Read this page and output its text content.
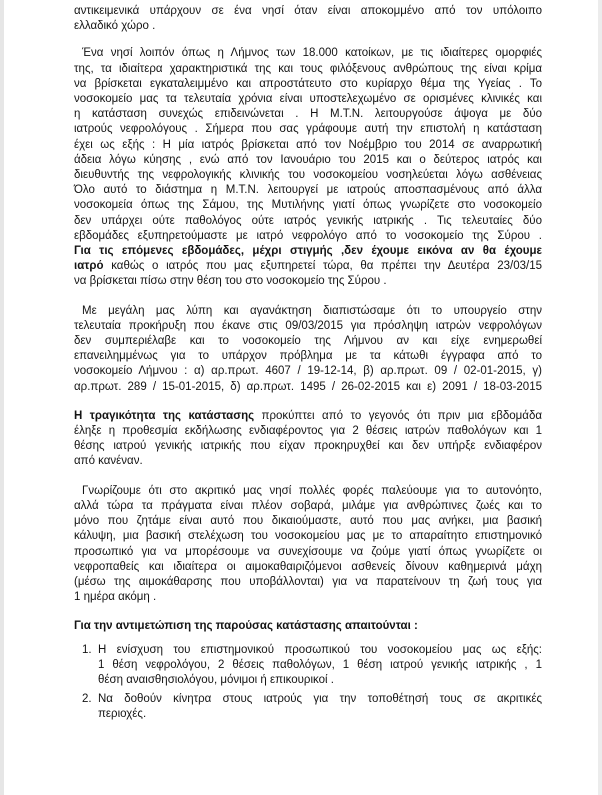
αντικειμενικά υπάρχουν σε ένα νησί όταν είναι αποκομμένο από τον υπόλοιπο
ελλαδικό χώρο .
Ένα νησί λοιπόν όπως η Λήμνος των 18.000 κατοίκων, με τις ιδιαίτερες ομορφιές
της, τα ιδιαίτερα χαρακτηριστικά της και τους φιλόξενους ανθρώπους της είναι κρίμα
να βρίσκεται εγκαταλειμμένο και απροστάτευτο στο κυρίαρχο θέμα της Υγείας . Το
νοσοκομείο μας τα τελευταία χρόνια είναι υποστελεχωμένο σε ορισμένες κλινικές και
η κατάσταση συνεχώς επιδεινώνεται . Η Μ.Τ.Ν. λειτουργούσε άψογα με δύο
ιατρούς νεφρολόγους . Σήμερα που σας γράφουμε αυτή την επιστολή η κατάσταση
έχει ως εξής : Η μία ιατρός βρίσκεται από τον Νοέμβριο του 2014 σε αναρρωτική
άδεια λόγω κύησης , ενώ από τον Ιανουάριο του 2015 και ο δεύτερος ιατρός και
διευθυντής της νεφρολογικής κλινικής του νοσοκομείου νοσηλεύεται λόγω ασθένειας
Όλο αυτό το διάστημα η Μ.Τ.Ν. λειτουργεί με ιατρούς αποσπασμένους από άλλα
νοσοκομεία όπως της Σάμου, της Μυτιλήνης γιατί όπως γνωρίζετε στο νοσοκομείο
δεν υπάρχει ούτε παθολόγος ούτε ιατρός γενικής ιατρικής . Τις τελευταίες δύο
εβδομάδες εξυπηρετούμαστε με ιατρό νεφρολόγο από το νοσοκομείο της Σύρου .
Για τις επόμενες εβδομάδες, μέχρι στιγμής ,δεν έχουμε εικόνα αν θα έχουμε
ιατρό καθώς ο ιατρός που μας εξυπηρετεί τώρα, θα πρέπει την Δευτέρα 23/03/15
να βρίσκεται πίσω στην θέση του στο νοσοκομείο της Σύρου .
Με μεγάλη μας λύπη και αγανάκτηση διαπιστώσαμε ότι το υπουργείο στην
τελευταία προκήρυξη που έκανε στις 09/03/2015 για πρόσληψη ιατρών νεφρολόγων
δεν συμπεριέλαβε και το νοσοκομείο της Λήμνου αν και είχε ενημερωθεί
επανειλημμένως για το υπάρχον πρόβλημα με τα κάτωθι έγγραφα από το
νοσοκομείο Λήμνου : α) αρ.πρωτ. 4607 / 19-12-14, β) αρ.πρωτ. 09 / 02-01-2015, γ)
αρ.πρωτ. 289 / 15-01-2015, δ) αρ.πρωτ. 1495 / 26-02-2015 και ε) 2091 / 18-03-2015
Η τραγικότητα της κατάστασης προκύπτει από το γεγονός ότι πριν μια εβδομάδα
έληξε η προθεσμία εκδήλωσης ενδιαφέροντος για 2 θέσεις ιατρών παθολόγων και 1
θέσης ιατρού γενικής ιατρικής που είχαν προκηρυχθεί και δεν υπήρξε ενδιαφέρον
από κανέναν.
Γνωρίζουμε ότι στο ακριτικό μας νησί πολλές φορές παλεύουμε για το αυτονόητο,
αλλά τώρα τα πράγματα είναι πλέον σοβαρά, μιλάμε για ανθρώπινες ζωές και το
μόνο που ζητάμε είναι αυτό που δικαιούμαστε, αυτό που μας ανήκει, μια βασική
κάλυψη, μια βασική στελέχωση του νοσοκομείου μας με το απαραίτητο επιστημονικό
προσωπικό για να μπορέσουμε να συνεχίσουμε να ζούμε γιατί όπως γνωρίζετε οι
νεφροπαθείς και ιδιαίτερα οι αιμοκαθαιριζόμενοι ασθενείς δίνουν καθημερινά μάχη
(μέσω της αιμοκάθαρσης που υποβάλλονται) για να παρατείνουν τη ζωή τους για
1 ημέρα ακόμη .
Για την αντιμετώπιση της παρούσας κατάστασης απαιτούνται :
1. Η ενίσχυση του επιστημονικού προσωπικού του νοσοκομείου μας ως εξής:
1 θέση νεφρολόγου, 2 θέσεις παθολόγων, 1 θέση ιατρού γενικής ιατρικής , 1
θέση αναισθησιολόγου, μόνιμοι ή επικουρικοί .
2. Να δοθούν κίνητρα στους ιατρούς για την τοποθέτησή τους σε ακριτικές
περιοχές.
